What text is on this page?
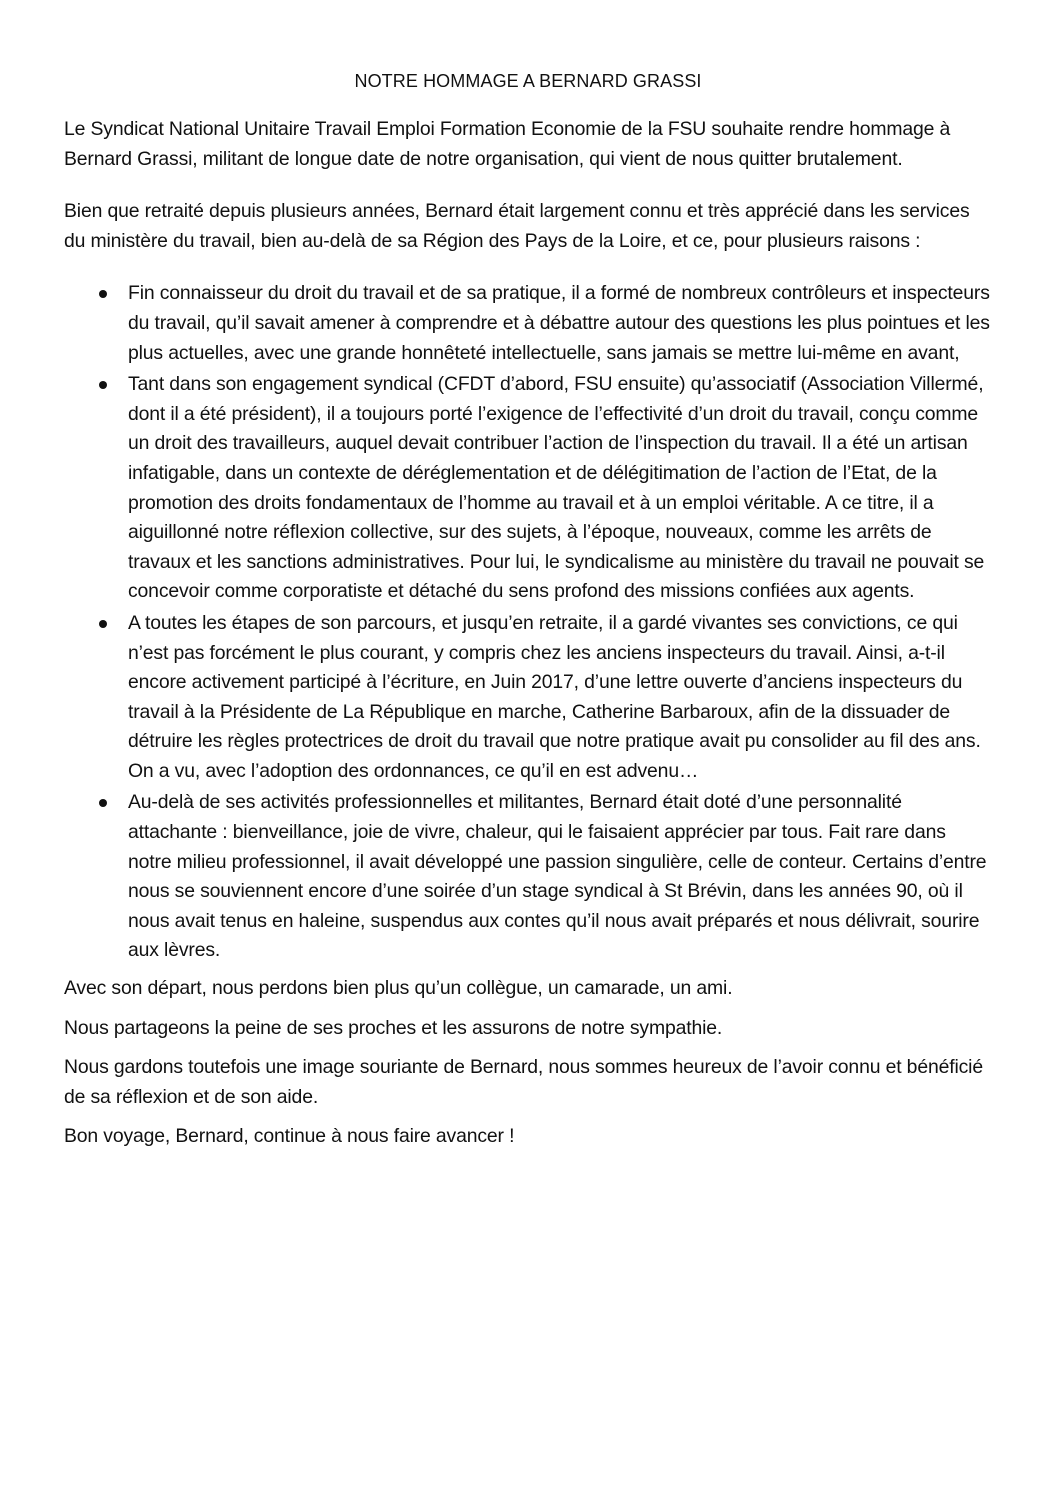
NOTRE HOMMAGE A BERNARD GRASSI

Le Syndicat National Unitaire Travail Emploi Formation Economie de la FSU souhaite rendre hommage à Bernard Grassi, militant de longue date de notre organisation, qui vient de nous quitter brutalement.

Bien que retraité depuis plusieurs années, Bernard était largement connu et très apprécié dans les services du ministère du travail, bien au-delà de sa Région des Pays de la Loire, et ce, pour plusieurs raisons :

Fin connaisseur du droit du travail et de sa pratique, il a formé de nombreux contrôleurs et inspecteurs du travail, qu’il savait amener à comprendre et à débattre autour des questions les plus pointues et les plus actuelles, avec une grande honnêteté intellectuelle, sans jamais se mettre lui-même en avant,
Tant dans son engagement syndical (CFDT d’abord, FSU ensuite) qu’associatif (Association Villermé, dont il a été président), il a toujours porté l’exigence de l’effectivité d’un droit du travail, conçu comme un droit des travailleurs, auquel devait contribuer l’action de l’inspection du travail. Il a été un artisan infatigable, dans un contexte de déréglementation et de délégitimation de l’action de l’Etat, de la promotion des droits fondamentaux de l’homme au travail et à un emploi véritable. A ce titre, il a aiguillonné notre réflexion collective, sur des sujets, à l’époque, nouveaux, comme les arrêts de travaux et les sanctions administratives. Pour lui, le syndicalisme au ministère du travail ne pouvait se concevoir comme corporatiste et détaché du sens profond des missions confiées aux agents.
A toutes les étapes de son parcours, et jusqu’en retraite, il a gardé vivantes ses convictions, ce qui n’est pas forcément le plus courant, y compris chez les anciens inspecteurs du travail. Ainsi, a-t-il encore activement participé à l’écriture, en Juin 2017, d’une lettre ouverte d’anciens inspecteurs du travail à la Présidente de La République en marche, Catherine Barbaroux, afin de la dissuader de détruire les règles protectrices de droit du travail que notre pratique avait pu consolider au fil des ans. On a vu, avec l’adoption des ordonnances, ce qu’il en est advenu…
Au-delà de ses activités professionnelles et militantes, Bernard était doté d’une personnalité attachante : bienveillance, joie de vivre, chaleur, qui le faisaient apprécier par tous. Fait rare dans notre milieu professionnel, il avait développé une passion singulière, celle de conteur. Certains d’entre nous se souviennent encore d’une soirée d’un stage syndical à St Brévin, dans les années 90, où il nous avait tenus en haleine, suspendus aux contes qu’il nous avait préparés et nous délivrait, sourire aux lèvres.

Avec son départ, nous perdons bien plus qu’un collègue, un camarade, un ami.

Nous partageons la peine de ses proches et les assurons de notre sympathie.

Nous gardons toutefois une image souriante de Bernard, nous sommes heureux de l’avoir connu et bénéficié de sa réflexion et de son aide.

Bon voyage, Bernard, continue à nous faire avancer !
